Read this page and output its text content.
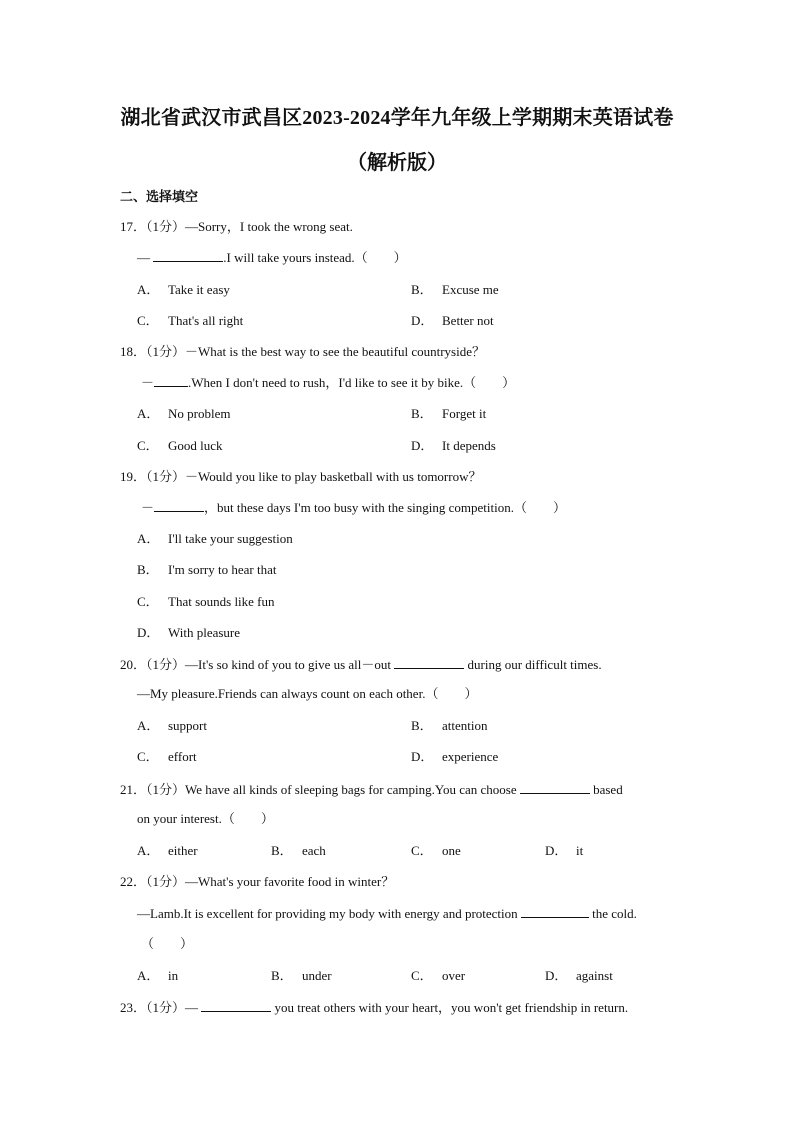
湖北省武汉市武昌区2023-2024学年九年级上学期期末英语试卷
（解析版）
二、选择填空
17．（1分）—Sorry，I took the wrong seat.
—	.I will take yours instead.（　　）
A． Take it easy	B． Excuse me
C． That's all right	D． Better not
18．（1分）－What is the best way to see the beautiful countryside？
－	.When I don't need to rush，I'd like to see it by bike.（　　）
A． No problem	B． Forget it
C． Good luck	D． It depends
19．（1分）－Would you like to play basketball with us tomorrow？
－	，but these days I'm too busy with the singing competition.（　　）
A． I'll take your suggestion
B． I'm sorry to hear that
C． That sounds like fun
D． With pleasure
20．（1分）—It's so kind of you to give us all－out	during our difficult times.
—My pleasure.Friends can always count on each other.（　　）
A． support	B． attention
C． effort	D． experience
21．（1分）We have all kinds of sleeping bags for camping.You can choose	based
on your interest.（　　）
A． either	B． each	C． one	D． it
22．（1分）—What's your favorite food in winter？
—Lamb.It is excellent for providing my body with energy and protection	the cold.
（　　）
A． in	B． under	C． over	D． against
23．（1分）—	you treat others with your heart，you won't get friendship in return.
